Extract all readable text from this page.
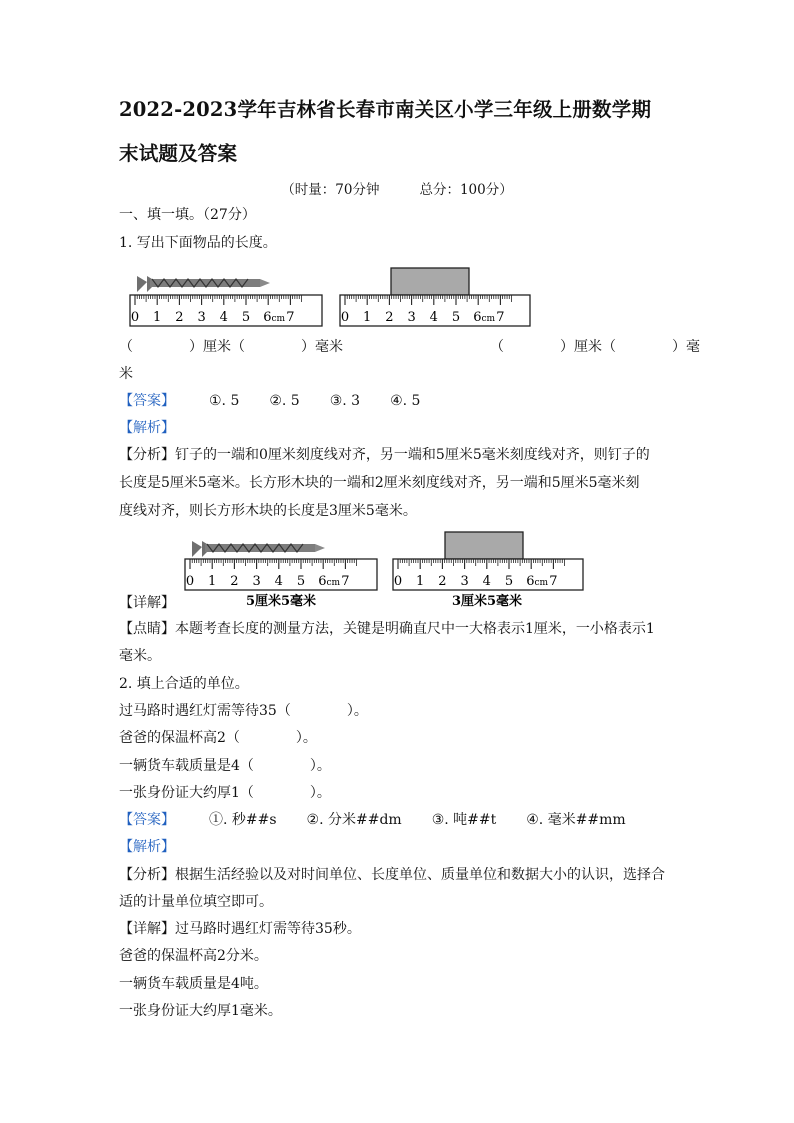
2022-2023学年吉林省长春市南关区小学三年级上册数学期
末试题及答案
（时量：70分钟	总分：100分）
一、填一填。（27分）
1. 写出下面物品的长度。
0 1 2 3 4 5 6cm 7	0 1 2 3 4 5 6cm 7
（　　　　）厘米（　　　　）毫米　　　　　　　　　　　（　　　　）厘米（　　　　）毫
米
【答案】 ①. 5 ②. 5 ③. 3 ④. 5
【解析】
【分析】钉子的一端和0厘米刻度线对齐，另一端和5厘米5毫米刻度线对齐，则钉子的
长度是5厘米5毫米。长方形木块的一端和2厘米刻度线对齐，另一端和5厘米5毫米刻
度线对齐，则长方形木块的长度是3厘米5毫米。
0 1 2 3 4 5 6cm 7	0 1 2 3 4 5 6cm 7
5厘米5毫米	3厘米5毫米
【详解】
【点睛】本题考查长度的测量方法，关键是明确直尺中一大格表示1厘米，一小格表示1
毫米。
2. 填上合适的单位。
过马路时遇红灯需等待35（　　　　）。
爸爸的保温杯高2（　　　　）。
一辆货车载质量是4（　　　　）。
一张身份证大约厚1（　　　　）。
【答案】 ①. 秒##s ②. 分米##dm ③. 吨##t ④. 毫米##mm
【解析】
【分析】根据生活经验以及对时间单位、长度单位、质量单位和数据大小的认识，选择合
适的计量单位填空即可。
【详解】过马路时遇红灯需等待35秒。
爸爸的保温杯高2分米。
一辆货车载质量是4吨。
一张身份证大约厚1毫米。
